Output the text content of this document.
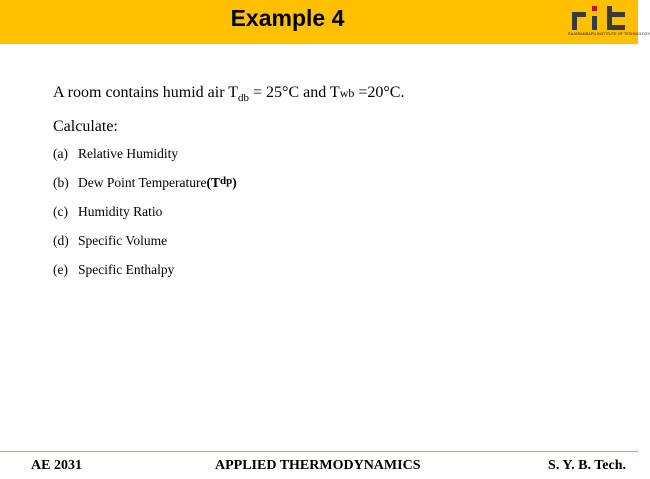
Example 4
RAJARAMBAPU INSTITUTE OF TECHNOLOGY
A room contains humid air $T_{db} = 25^\circ C$ and Twb =20°C.
Calculate:
(a) Relative Humidity
(b) Dew Point Temperature (T dp )
(c) Humidity Ratio
(d) Specific Volume
(e) Specific Enthalpy
AE 2031	APPLIED THERMODYNAMICS	S. Y. B. Tech.
